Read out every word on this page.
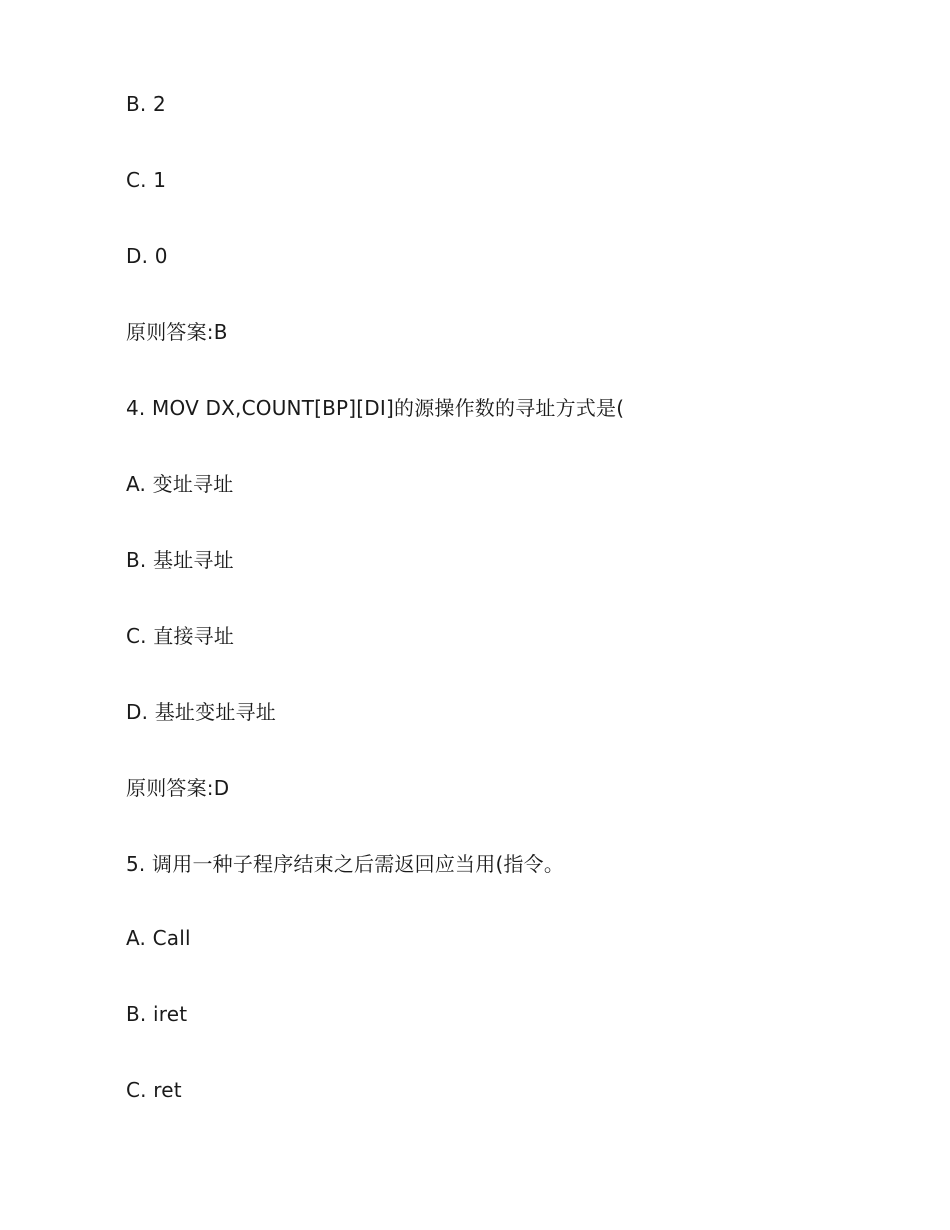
B. 2
C. 1
D. 0
原则答案:B
4. MOV DX,COUNT[BP][DI]的源操作数的寻址方式是(
A. 变址寻址
B. 基址寻址
C. 直接寻址
D. 基址变址寻址
原则答案:D
5. 调用一种子程序结束之后需返回应当用(指令。
A. Call
B. iret
C. ret
